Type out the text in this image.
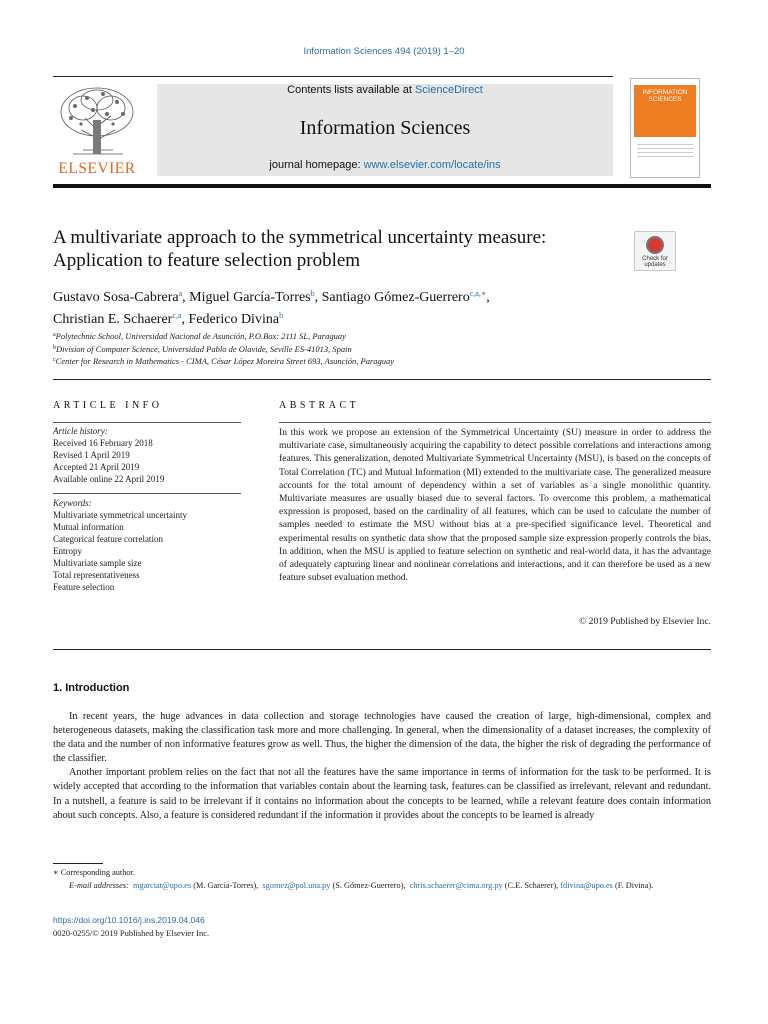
Information Sciences 494 (2019) 1–20
ELSEVIER
Contents lists available at ScienceDirect
Information Sciences
journal homepage: www.elsevier.com/locate/ins
INFORMATION SCIENCES
A multivariate approach to the symmetrical uncertainty measure: Application to feature selection problem	Check for
updates
Gustavo Sosa-Cabrera$^a$, Miguel García-Torres$^b$, Santiago Gómez-Guerrero$^{c,a,∗}$,
Christian E. Schaerer$^{c,a}$, Federico Divina$^b$
$^a$Polytechnic School, Universidad Nacional de Asunción, P.O.Box: 2111 SL, Paraguay
$^b$Division of Computer Science, Universidad Pablo de Olavide, Seville ES-41013, Spain
$^c$Center for Research in Mathematics - CIMA, César López Moreira Street 693, Asunción, Paraguay
ARTICLE INFO
Article history:
Received 16 February 2018
Revised 1 April 2019
Accepted 21 April 2019
Available online 22 April 2019
Keywords:
Multivariate symmetrical uncertainty
Mutual information
Categorical feature correlation
Entropy
Multivariate sample size
Total representativeness
Feature selection
ABSTRACT
In this work we propose an extension of the Symmetrical Uncertainty (SU) measure in order to address the multivariate case, simultaneously acquiring the capability to detect possible correlations and interactions among features. This generalization, denoted Multivariate Symmetrical Uncertainty (MSU), is based on the concepts of Total Correlation (TC) and Mutual Information (MI) extended to the multivariate case. The generalized measure accounts for the total amount of dependency within a set of variables as a single monolithic quantity. Multivariate measures are usually biased due to several factors. To overcome this problem, a mathematical expression is proposed, based on the cardinality of all features, which can be used to calculate the number of samples needed to estimate the MSU without bias at a pre-specified significance level. Theoretical and experimental results on synthetic data show that the proposed sample size expression properly controls the bias. In addition, when the MSU is applied to feature selection on synthetic and real-world data, it has the advantage of adequately capturing linear and nonlinear correlations and interactions, and it can therefore be used as a new feature subset evaluation method.
© 2019 Published by Elsevier Inc.
1. Introduction

In recent years, the huge advances in data collection and storage technologies have caused the creation of large, high-dimensional, complex and heterogeneous datasets, making the classification task more and more challenging. In general, when the dimensionality of a dataset increases, the complexity of the data and the number of non informative features grow as well. Thus, the higher the dimension of the data, the higher the risk of degrading the performance of the classifier.

Another important problem relies on the fact that not all the features have the same importance in terms of information for the task to be performed. It is widely accepted that according to the information that variables contain about the learning task, features can be classified as irrelevant, relevant and redundant. In a nutshell, a feature is said to be irrelevant if it contains no information about the concepts to be learned, while a relevant feature does contain information about such concepts. Also, a feature is considered redundant if the information it provides about the concepts to be learned is already

∗ Corresponding author.
E-mail addresses: mgarciat@upo.es (M. García-Torres), sgomez@pol.una.py (S. Gómez-Guerrero), chris.schaerer@cima.org.py (C.E. Schaerer), fdivina@upo.es (F. Divina).
https://doi.org/10.1016/j.ins.2019.04.046
0020-0255/© 2019 Published by Elsevier Inc.
